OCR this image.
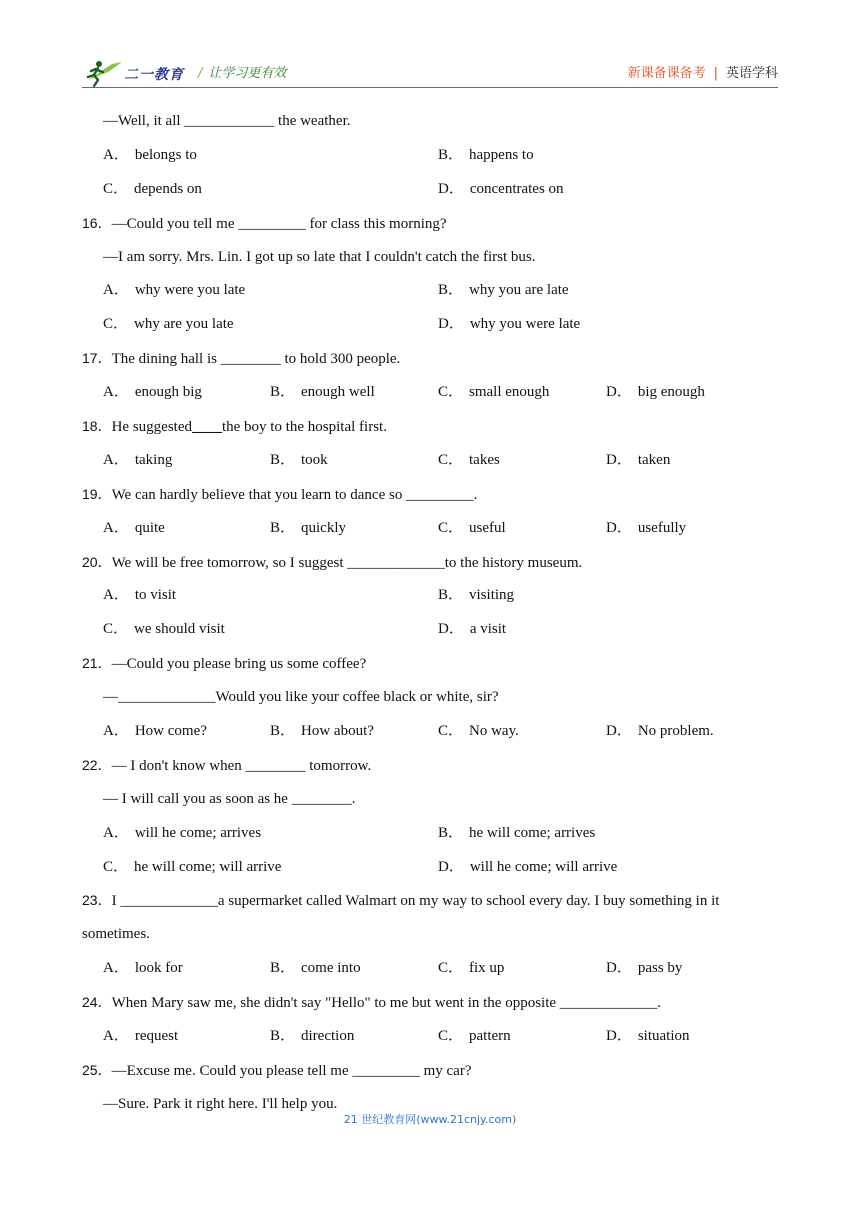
二一教育 / 让学习更有效	新课备课备考 | 英语学科
—Well, it all ____________ the weather.
A． belongs to	B． happens to
C． depends on	D． concentrates on
16．—Could you tell me _________ for class this morning?
—I am sorry. Mrs. Lin. I got up so late that I couldn't catch the first bus.
A． why were you late	B． why you are late
C． why are you late	D． why you were late
17．The dining hall is ________ to hold 300 people.
A． enough big	B． enough well	C． small enough	D． big enough
18．He suggested____the boy to the hospital first.
A． taking	B． took	C． takes	D． taken
19．We can hardly believe that you learn to dance so _________.
A． quite	B． quickly	C． useful	D． usefully
20．We will be free tomorrow, so I suggest _____________to the history museum.
A． to visit	B． visiting
C． we should visit	D． a visit
21．—Could you please bring us some coffee?
—_____________Would you like your coffee black or white, sir?
A． How come?	B． How about?	C． No way.	D． No problem.
22．— I don't know when ________ tomorrow.
— I will call you as soon as he ________.
A． will he come; arrives	B． he will come; arrives
C． he will come; will arrive	D． will he come; will arrive
23．I _____________a supermarket called Walmart on my way to school every day. I buy something in it
sometimes.
A． look for	B． come into	C． fix up	D． pass by
24．When Mary saw me, she didn't say "Hello" to me but went in the opposite _____________.
A． request	B． direction	C． pattern	D． situation
25．—Excuse me. Could you please tell me _________ my car?
—Sure. Park it right here. I'll help you.
21 世纪教育网(www.21cnjy.com)
